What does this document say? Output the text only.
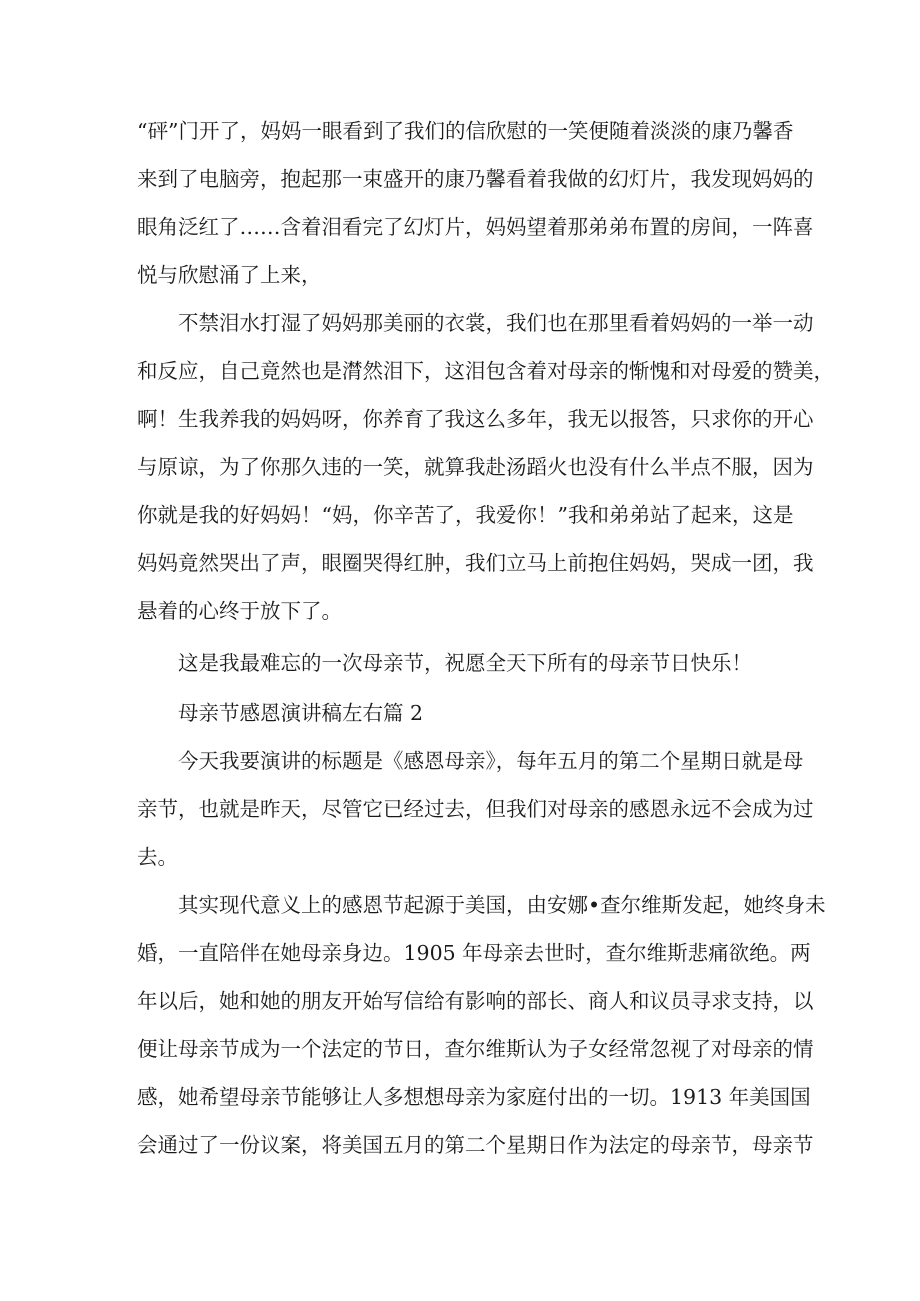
“砰”门开了，妈妈一眼看到了我们的信欣慰的一笑便随着淡淡的康乃馨香
来到了电脑旁，抱起那一束盛开的康乃馨看着我做的幻灯片，我发现妈妈的
眼角泛红了……含着泪看完了幻灯片，妈妈望着那弟弟布置的房间，一阵喜
悦与欣慰涌了上来，
不禁泪水打湿了妈妈那美丽的衣裳，我们也在那里看着妈妈的一举一动
和反应，自己竟然也是潸然泪下，这泪包含着对母亲的惭愧和对母爱的赞美，
啊！生我养我的妈妈呀，你养育了我这么多年，我无以报答，只求你的开心
与原谅，为了你那久违的一笑，就算我赴汤蹈火也没有什么半点不服，因为
你就是我的好妈妈！“妈，你辛苦了，我爱你！”我和弟弟站了起来，这是
妈妈竟然哭出了声，眼圈哭得红肿，我们立马上前抱住妈妈，哭成一团，我
悬着的心终于放下了。
这是我最难忘的一次母亲节，祝愿全天下所有的母亲节日快乐！
母亲节感恩演讲稿左右篇 2
今天我要演讲的标题是《感恩母亲》，每年五月的第二个星期日就是母
亲节，也就是昨天，尽管它已经过去，但我们对母亲的感恩永远不会成为过
去。
其实现代意义上的感恩节起源于美国，由安娜•查尔维斯发起，她终身未
婚，一直陪伴在她母亲身边。1905 年母亲去世时，查尔维斯悲痛欲绝。两
年以后，她和她的朋友开始写信给有影响的部长、商人和议员寻求支持，以
便让母亲节成为一个法定的节日，查尔维斯认为子女经常忽视了对母亲的情
感，她希望母亲节能够让人多想想母亲为家庭付出的一切。1913 年美国国
会通过了一份议案，将美国五月的第二个星期日作为法定的母亲节，母亲节
